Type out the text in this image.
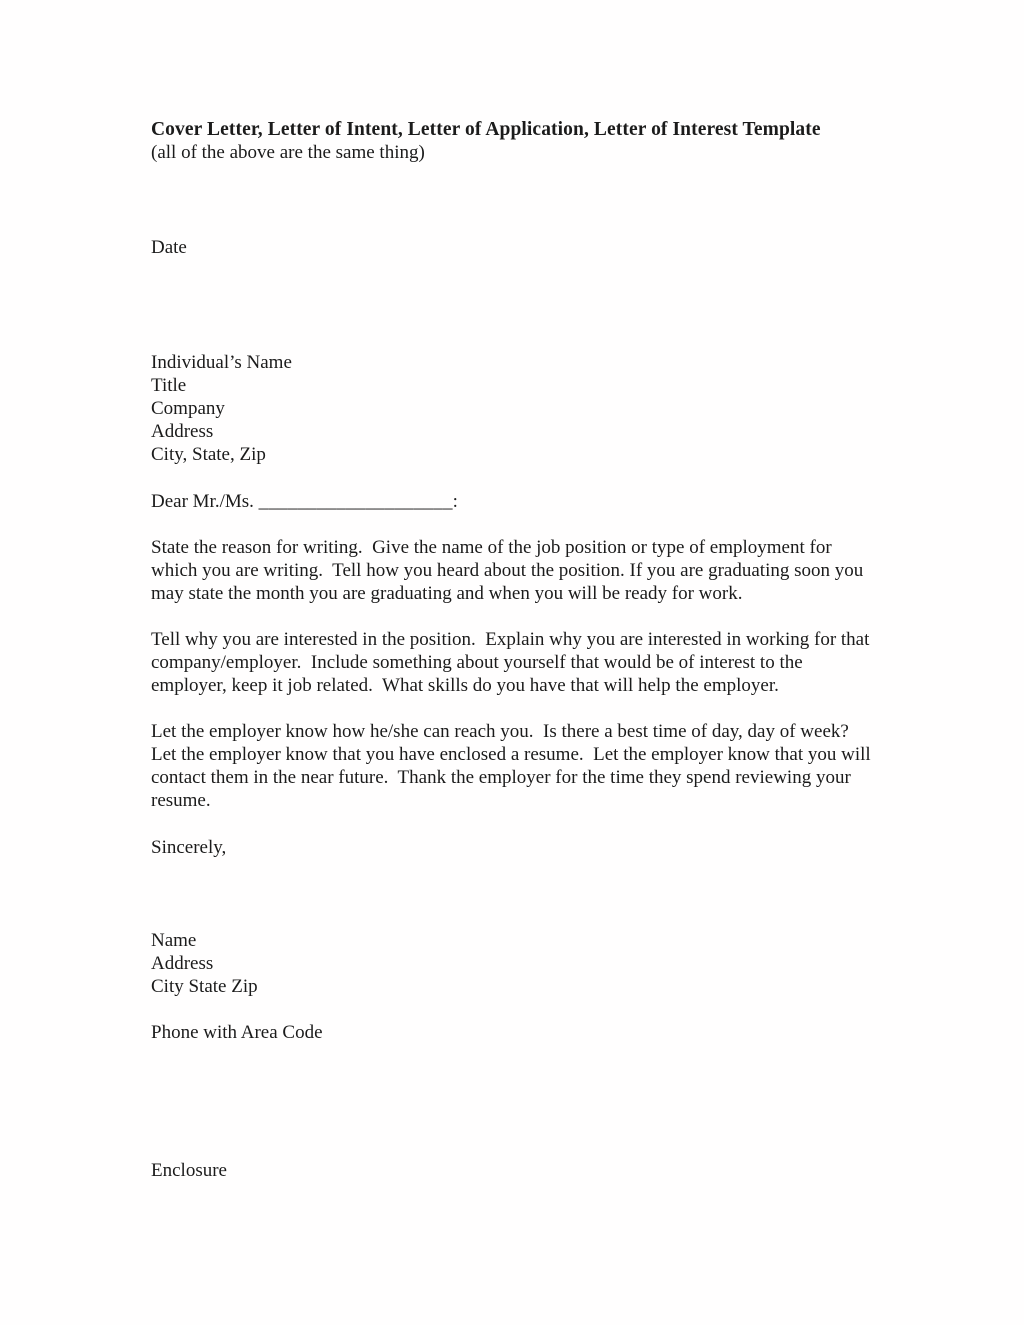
Cover Letter, Letter of Intent, Letter of Application, Letter of Interest Template

(all of the above are the same thing)

Date

Individual’s Name

Title

Company

Address

City, State, Zip

Dear Mr./Ms. ____________________:

State the reason for writing.  Give the name of the job position or type of employment for which you are writing.  Tell how you heard about the position. If you are graduating soon you may state the month you are graduating and when you will be ready for work.

Tell why you are interested in the position.  Explain why you are interested in working for that company/employer.  Include something about yourself that would be of interest to the employer, keep it job related.  What skills do you have that will help the employer.

Let the employer know how he/she can reach you.  Is there a best time of day, day of week?  Let the employer know that you have enclosed a resume.  Let the employer know that you will contact them in the near future.  Thank the employer for the time they spend reviewing your resume.

Sincerely,

Name

Address

City State Zip

Phone with Area Code

Enclosure
